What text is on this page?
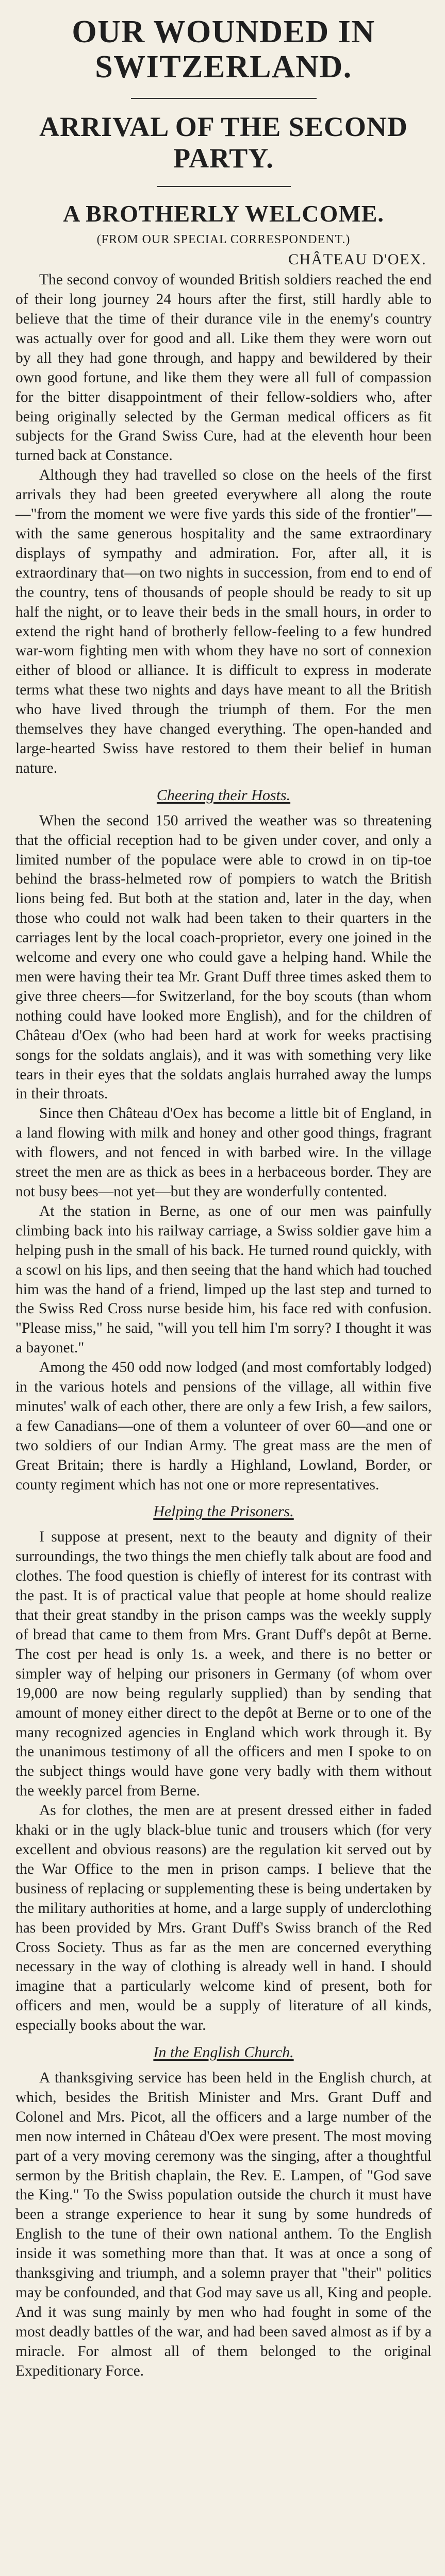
OUR WOUNDED IN SWITZERLAND.
ARRIVAL OF THE SECOND PARTY.
A BROTHERLY WELCOME.
(FROM OUR SPECIAL CORRESPONDENT.)
CHÂTEAU D'OEX.

The second convoy of wounded British soldiers reached the end of their long journey 24 hours after the first, still hardly able to believe that the time of their durance vile in the enemy's country was actually over for good and all. Like them they were worn out by all they had gone through, and happy and bewildered by their own good fortune, and like them they were all full of compassion for the bitter disappointment of their fellow-soldiers who, after being originally selected by the German medical officers as fit subjects for the Grand Swiss Cure, had at the eleventh hour been turned back at Constance.

Although they had travelled so close on the heels of the first arrivals they had been greeted everywhere all along the route—"from the moment we were five yards this side of the frontier"—with the same generous hospitality and the same extraordinary displays of sympathy and admiration. For, after all, it is extraordinary that—on two nights in succession, from end to end of the country, tens of thousands of people should be ready to sit up half the night, or to leave their beds in the small hours, in order to extend the right hand of brotherly fellow-feeling to a few hundred war-worn fighting men with whom they have no sort of connexion either of blood or alliance. It is difficult to express in moderate terms what these two nights and days have meant to all the British who have lived through the triumph of them. For the men themselves they have changed everything. The open-handed and large-hearted Swiss have restored to them their belief in human nature.

Cheering their Hosts.

When the second 150 arrived the weather was so threatening that the official reception had to be given under cover, and only a limited number of the populace were able to crowd in on tip-toe behind the brass-helmeted row of pompiers to watch the British lions being fed. But both at the station and, later in the day, when those who could not walk had been taken to their quarters in the carriages lent by the local coach-proprietor, every one joined in the welcome and every one who could gave a helping hand. While the men were having their tea Mr. Grant Duff three times asked them to give three cheers—for Switzerland, for the boy scouts (than whom nothing could have looked more English), and for the children of Château d'Oex (who had been hard at work for weeks practising songs for the soldats anglais), and it was with something very like tears in their eyes that the soldats anglais hurrahed away the lumps in their throats.

Since then Château d'Oex has become a little bit of England, in a land flowing with milk and honey and other good things, fragrant with flowers, and not fenced in with barbed wire. In the village street the men are as thick as bees in a herbaceous border. They are not busy bees—not yet—but they are wonderfully contented.

At the station in Berne, as one of our men was painfully climbing back into his railway carriage, a Swiss soldier gave him a helping push in the small of his back. He turned round quickly, with a scowl on his lips, and then seeing that the hand which had touched him was the hand of a friend, limped up the last step and turned to the Swiss Red Cross nurse beside him, his face red with confusion. "Please miss," he said, "will you tell him I'm sorry? I thought it was a bayonet."

Among the 450 odd now lodged (and most comfortably lodged) in the various hotels and pensions of the village, all within five minutes' walk of each other, there are only a few Irish, a few sailors, a few Canadians—one of them a volunteer of over 60—and one or two soldiers of our Indian Army. The great mass are the men of Great Britain; there is hardly a Highland, Lowland, Border, or county regiment which has not one or more representatives.

Helping the Prisoners.

I suppose at present, next to the beauty and dignity of their surroundings, the two things the men chiefly talk about are food and clothes. The food question is chiefly of interest for its contrast with the past. It is of practical value that people at home should realize that their great standby in the prison camps was the weekly supply of bread that came to them from Mrs. Grant Duff's depôt at Berne. The cost per head is only 1s. a week, and there is no better or simpler way of helping our prisoners in Germany (of whom over 19,000 are now being regularly supplied) than by sending that amount of money either direct to the depôt at Berne or to one of the many recognized agencies in England which work through it. By the unanimous testimony of all the officers and men I spoke to on the subject things would have gone very badly with them without the weekly parcel from Berne.

As for clothes, the men are at present dressed either in faded khaki or in the ugly black-blue tunic and trousers which (for very excellent and obvious reasons) are the regulation kit served out by the War Office to the men in prison camps. I believe that the business of replacing or supplementing these is being undertaken by the military authorities at home, and a large supply of underclothing has been provided by Mrs. Grant Duff's Swiss branch of the Red Cross Society. Thus as far as the men are concerned everything necessary in the way of clothing is already well in hand. I should imagine that a particularly welcome kind of present, both for officers and men, would be a supply of literature of all kinds, especially books about the war.

In the English Church.

A thanksgiving service has been held in the English church, at which, besides the British Minister and Mrs. Grant Duff and Colonel and Mrs. Picot, all the officers and a large number of the men now interned in Château d'Oex were present. The most moving part of a very moving ceremony was the singing, after a thoughtful sermon by the British chaplain, the Rev. E. Lampen, of "God save the King." To the Swiss population outside the church it must have been a strange experience to hear it sung by some hundreds of English to the tune of their own national anthem. To the English inside it was something more than that. It was at once a song of thanksgiving and triumph, and a solemn prayer that "their" politics may be confounded, and that God may save us all, King and people. And it was sung mainly by men who had fought in some of the most deadly battles of the war, and had been saved almost as if by a miracle. For almost all of them belonged to the original Expeditionary Force.
